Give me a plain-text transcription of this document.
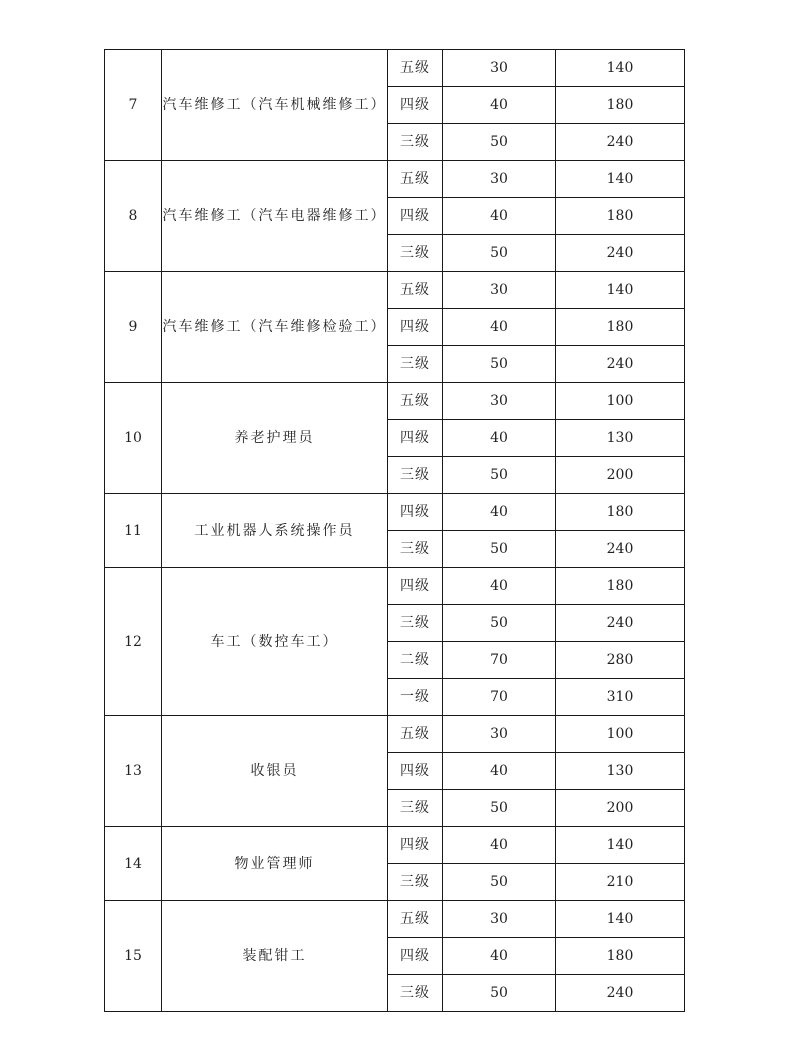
7	汽车维修工（汽车机械维修工）	五级	30	140
		四级	40	180
		三级	50	240
8	汽车维修工（汽车电器维修工）	五级	30	140
		四级	40	180
		三级	50	240
9	汽车维修工（汽车维修检验工）	五级	30	140
		四级	40	180
		三级	50	240
10	养老护理员	五级	30	100
		四级	40	130
		三级	50	200
11	工业机器人系统操作员	四级	40	180
		三级	50	240
12	车工（数控车工）	四级	40	180
		三级	50	240
		二级	70	280
		一级	70	310
13	收银员	五级	30	100
		四级	40	130
		三级	50	200
14	物业管理师	四级	40	140
		三级	50	210
15	装配钳工	五级	30	140
		四级	40	180
		三级	50	240
